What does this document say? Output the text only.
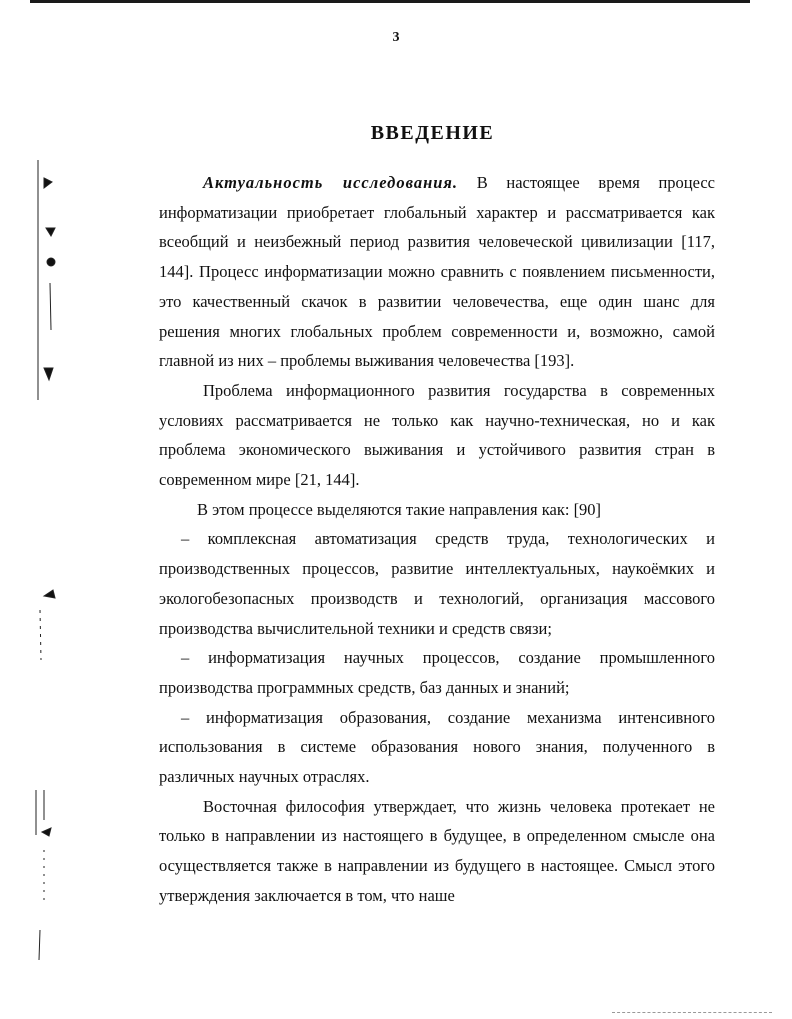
3
ВВЕДЕНИЕ

Актуальность исследования. В настоящее время процесс информатизации приобретает глобальный характер и рассматривается как всеобщий и неизбежный период развития человеческой цивилизации [117, 144]. Процесс информатизации можно сравнить с появлением письменности, это качественный скачок в развитии человечества, еще один шанс для решения многих глобальных проблем современности и, возможно, самой главной из них – проблемы выживания человечества [193].

Проблема информационного развития государства в современных условиях рассматривается не только как научно-техническая, но и как проблема экономического выживания и устойчивого развития стран в современном мире [21, 144].

В этом процессе выделяются такие направления как: [90]

– комплексная автоматизация средств труда, технологических и производственных процессов, развитие интеллектуальных, наукоёмких и экологобезопасных производств и технологий, организация массового производства вычислительной техники и средств связи;

– информатизация научных процессов, создание промышленного производства программных средств, баз данных и знаний;

– информатизация образования, создание механизма интенсивного использования в системе образования нового знания, полученного в различных научных отраслях.

Восточная философия утверждает, что жизнь человека протекает не только в направлении из настоящего в будущее, в определенном смысле она осуществляется также в направлении из будущего в настоящее. Смысл этого утверждения заключается в том, что наше
